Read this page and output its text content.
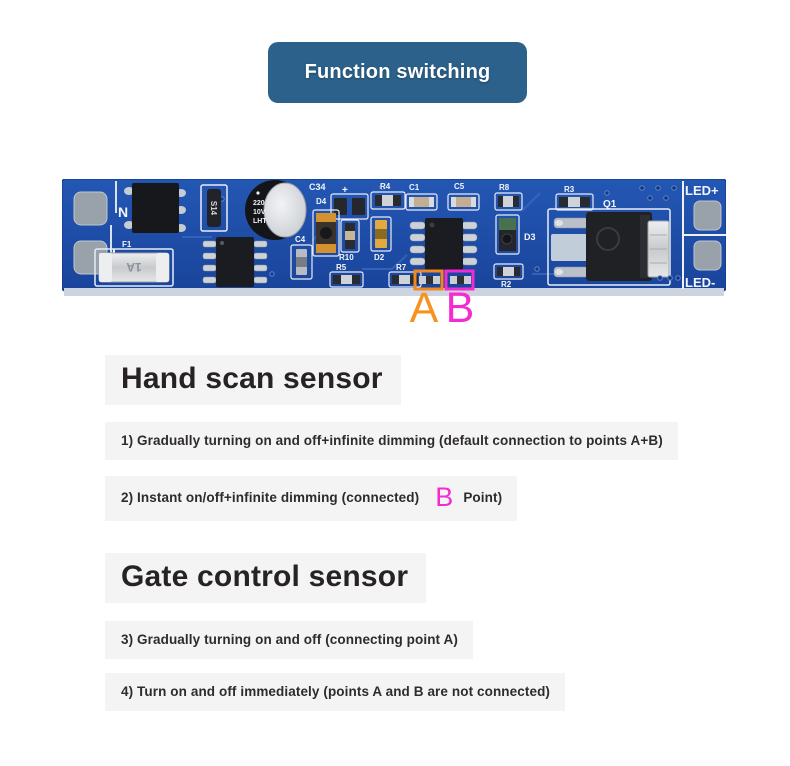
Function switching
N
F1
1A
S14	220
10V
LHT
C34 +
C4
D4
R10	D2
R5	R7
R4 C1	C5	R8
D3
R2
R3
Q1
LED+
LED-
A B
Hand scan sensor

1) Gradually turning on and off+infinite dimming (default connection to points A+B)

2) Instant on/off+infinite dimming (connected) B Point)

Gate control sensor

3) Gradually turning on and off (connecting point A)

4) Turn on and off immediately (points A and B are not connected)
